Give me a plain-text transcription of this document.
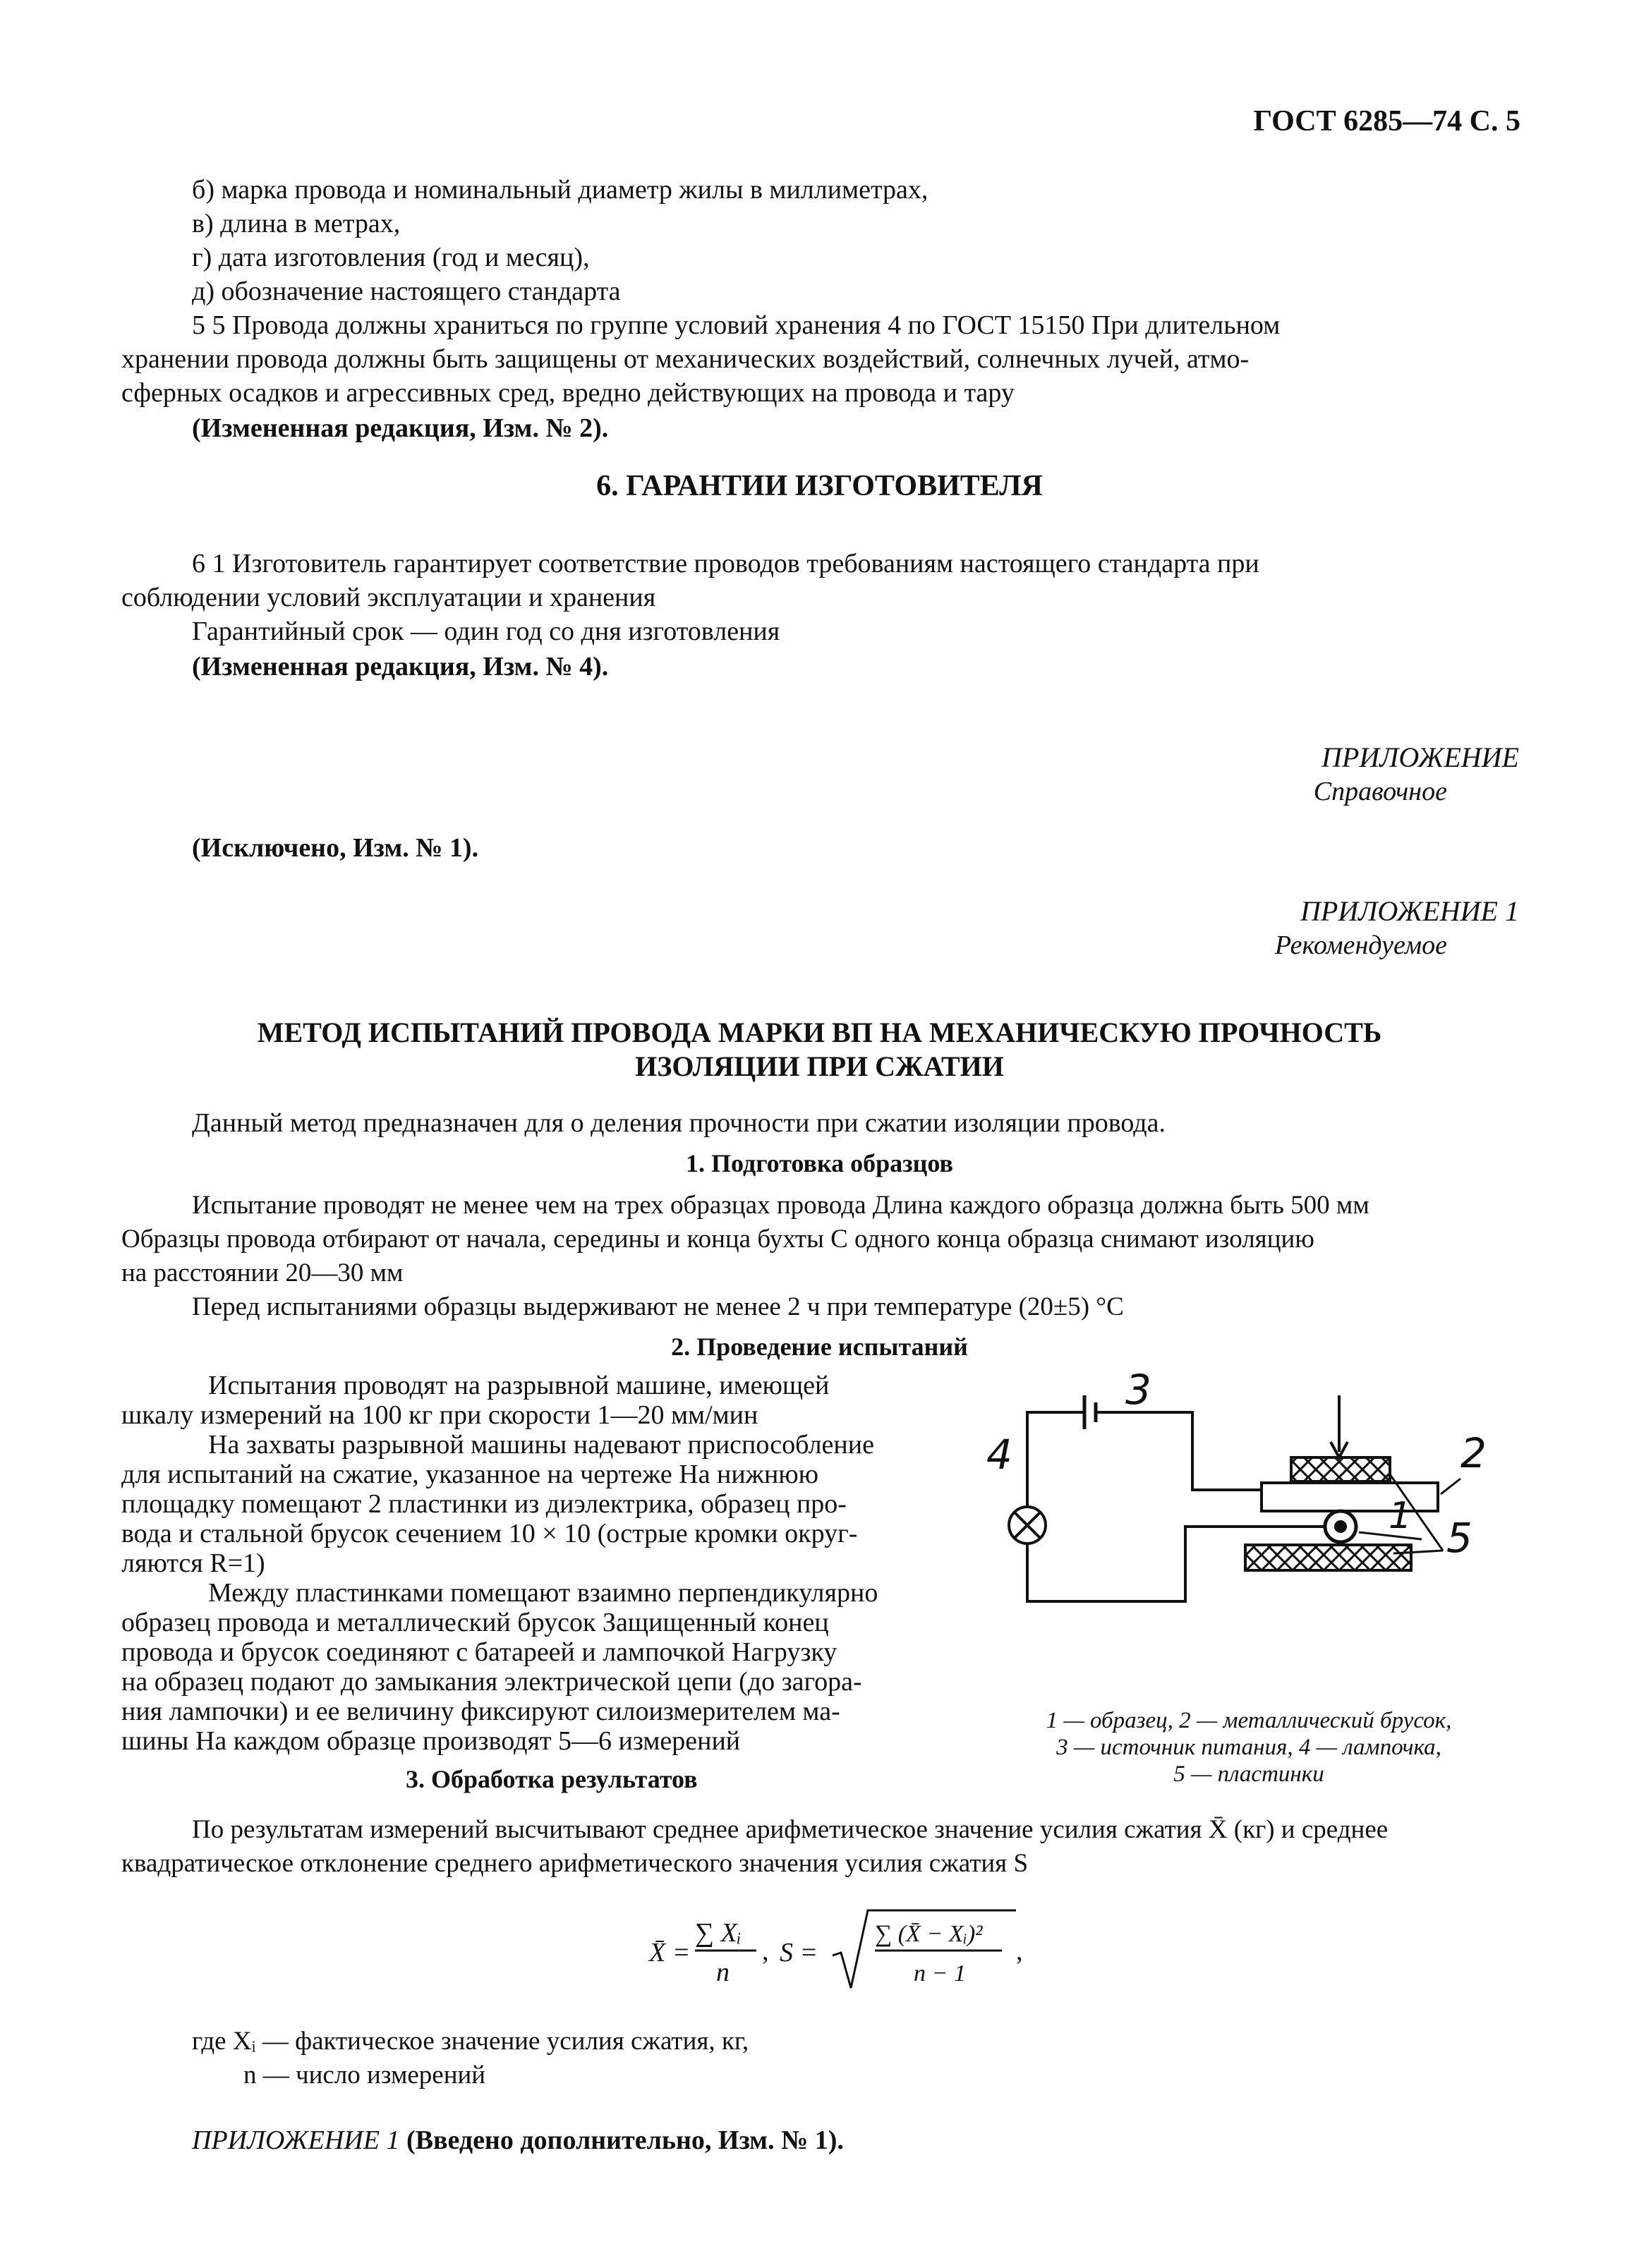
ГОСТ 6285—74 С. 5
б) марка провода и номинальный диаметр жилы в миллиметрах,
в) длина в метрах,
г) дата изготовления (год и месяц),
д) обозначение настоящего стандарта
5 5 Провода должны храниться по группе условий хранения 4 по ГОСТ 15150 При длительном
хранении провода должны быть защищены от механических воздействий, солнечных лучей, атмо-
сферных осадков и агрессивных сред, вредно действующих на провода и тару
(Измененная редакция, Изм. № 2).
6. ГАРАНТИИ ИЗГОТОВИТЕЛЯ
6 1 Изготовитель гарантирует соответствие проводов требованиям настоящего стандарта при
соблюдении условий эксплуатации и хранения
Гарантийный срок — один год со дня изготовления
(Измененная редакция, Изм. № 4).
ПРИЛОЖЕНИЕ
Справочное
(Исключено, Изм. № 1).
ПРИЛОЖЕНИЕ 1
Рекомендуемое
МЕТОД ИСПЫТАНИЙ ПРОВОДА МАРКИ ВП НА МЕХАНИЧЕСКУЮ ПРОЧНОСТЬ
ИЗОЛЯЦИИ ПРИ СЖАТИИ
Данный метод предназначен для о деления прочности при сжатии изоляции провода.
1. Подготовка образцов
Испытание проводят не менее чем на трех образцах провода Длина каждого образца должна быть 500 мм
Образцы провода отбирают от начала, середины и конца бухты С одного конца образца снимают изоляцию
на расстоянии 20—30 мм
Перед испытаниями образцы выдерживают не менее 2 ч при температуре (20±5) °С
2. Проведение испытаний
Испытания проводят на разрывной машине, имеющей
шкалу измерений на 100 кг при скорости 1—20 мм/мин
На захваты разрывной машины надевают приспособление
для испытаний на сжатие, указанное на чертеже На нижнюю
площадку помещают 2 пластинки из диэлектрика, образец про-
вода и стальной брусок сечением 10 × 10 (острые кромки округ-
ляются R=1)
Между пластинками помещают взаимно перпендикулярно
образец провода и металлический брусок Защищенный конец
провода и брусок соединяют с батареей и лампочкой Нагрузку
на образец подают до замыкания электрической цепи (до загора-
ния лампочки) и ее величину фиксируют силоизмерителем ма-
шины На каждом образце производят 5—6 измерений
3
2
4
1 5
1 — образец, 2 — металлический брусок,
3 — источник питания, 4 — лампочка,
5 — пластинки
3. Обработка результатов
По результатам измерений высчитывают среднее арифметическое значение усилия сжатия X̄ (кг) и среднее
квадратическое отклонение среднего арифметического значения усилия сжатия S
X̄ =
∑ Xᵢ
n
, S =
∑ (X̄ − Xᵢ)²
n − 1
,
где Xᵢ — фактическое значение усилия сжатия, кг,
n — число измерений
ПРИЛОЖЕНИЕ 1 (Введено дополнительно, Изм. № 1).
